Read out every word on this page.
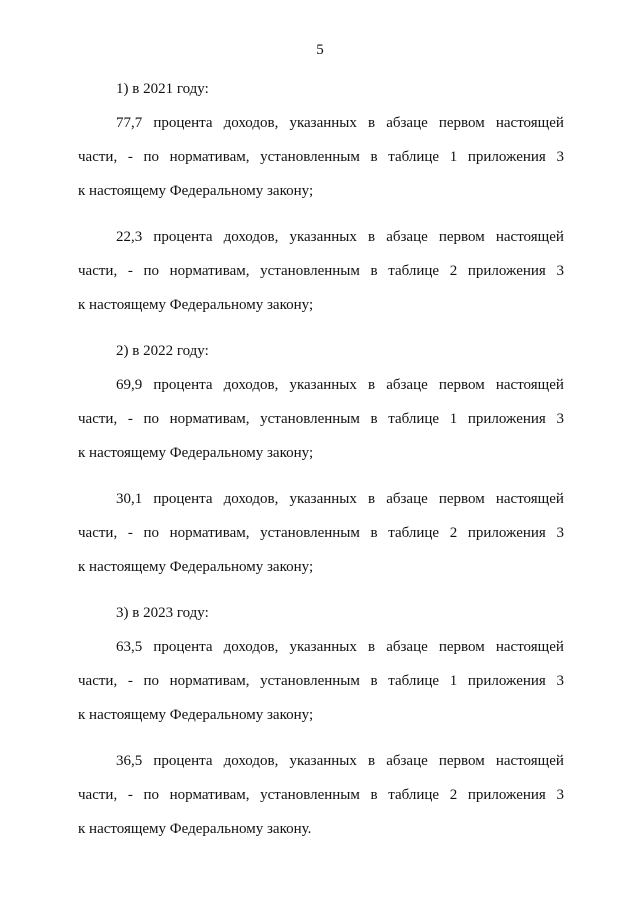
5
1) в 2021 году:
77,7 процента доходов, указанных в абзаце первом настоящей
части, - по нормативам, установленным в таблице 1 приложения 3
к настоящему Федеральному закону;
22,3 процента доходов, указанных в абзаце первом настоящей
части, - по нормативам, установленным в таблице 2 приложения 3
к настоящему Федеральному закону;
2) в 2022 году:
69,9 процента доходов, указанных в абзаце первом настоящей
части, - по нормативам, установленным в таблице 1 приложения 3
к настоящему Федеральному закону;
30,1 процента доходов, указанных в абзаце первом настоящей
части, - по нормативам, установленным в таблице 2 приложения 3
к настоящему Федеральному закону;
3) в 2023 году:
63,5 процента доходов, указанных в абзаце первом настоящей
части, - по нормативам, установленным в таблице 1 приложения 3
к настоящему Федеральному закону;
36,5 процента доходов, указанных в абзаце первом настоящей
части, - по нормативам, установленным в таблице 2 приложения 3
к настоящему Федеральному закону.
